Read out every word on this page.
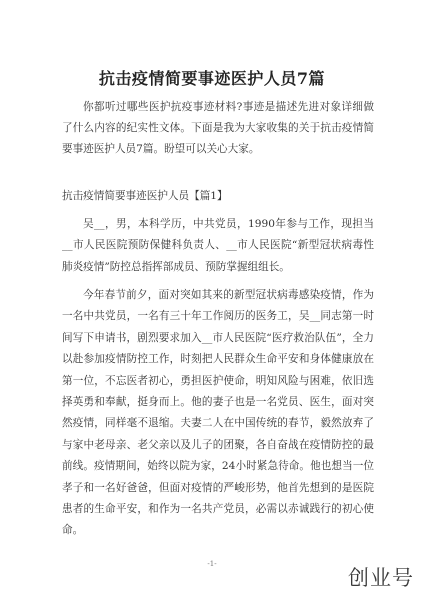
抗击疫情简要事迹医护人员7篇

你都听过哪些医护抗疫事迹材料?事迹是描述先进对象详细做了什么内容的纪实性文体。下面是我为大家收集的关于抗击疫情简要事迹医护人员7篇。盼望可以关心大家。

抗击疫情简要事迹医护人员【篇1】

吴__，男，本科学历，中共党员，1990年参与工作，现担当__市人民医院预防保健科负责人、__市人民医院“新型冠状病毒性肺炎疫情”防控总指挥部成员、预防掌握组组长。

今年春节前夕，面对突如其来的新型冠状病毒感染疫情，作为一名中共党员，一名有三十年工作阅历的医务工，吴__同志第一时间写下申请书，剧烈要求加入__市人民医院“医疗救治队伍”，全力以赴参加疫情防控工作，时刻把人民群众生命平安和身体健康放在第一位，不忘医者初心，勇担医护使命，明知风险与困难，依旧选择英勇和奉献，挺身而上。他的妻子也是一名党员、医生，面对突然疫情，同样毫不退缩。夫妻二人在中国传统的春节，毅然放弃了与家中老母亲、老父亲以及儿子的团聚，各自奋战在疫情防控的最前线。疫情期间，始终以院为家，24小时紧急待命。他也想当一位孝子和一名好爸爸，但面对疫情的严峻形势，他首先想到的是医院患者的生命平安，和作为一名共产党员，必需以赤诚践行的初心使命。

-1-
创业号
